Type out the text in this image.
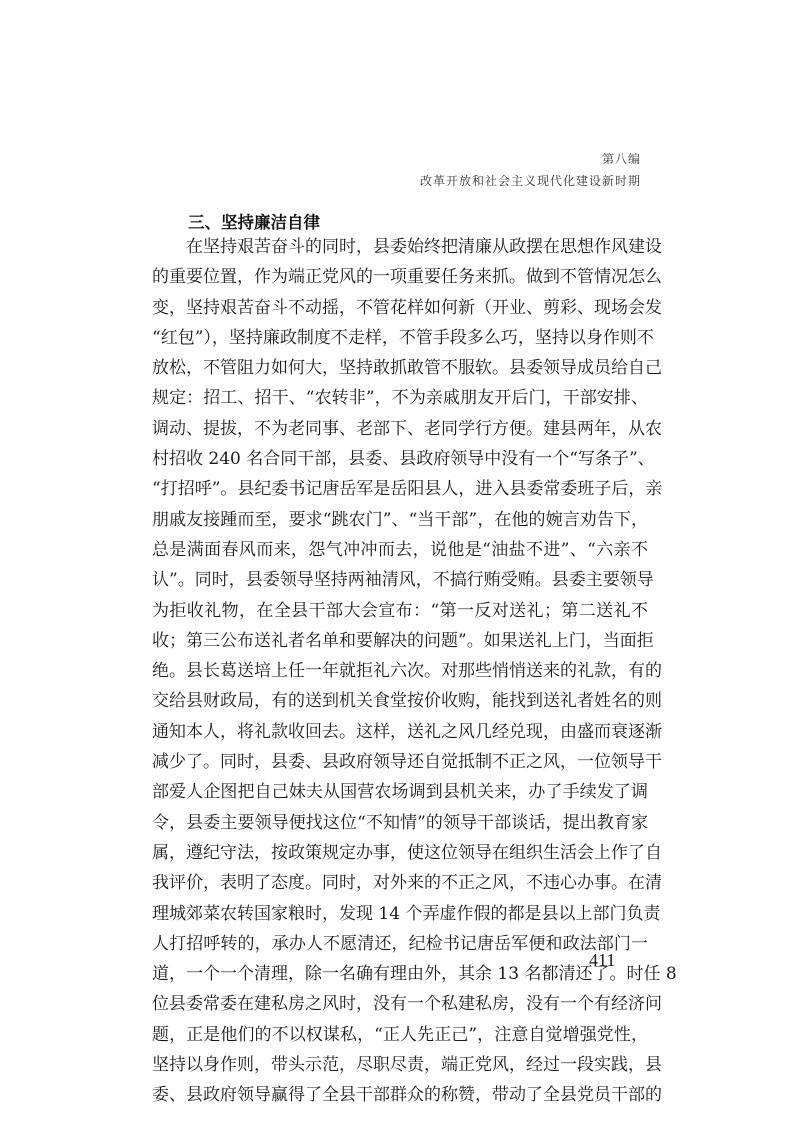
第八编
改革开放和社会主义现代化建设新时期
三、坚持廉洁自律
在坚持艰苦奋斗的同时，县委始终把清廉从政摆在思想作风建设
的重要位置，作为端正党风的一项重要任务来抓。做到不管情况怎么
变，坚持艰苦奋斗不动摇，不管花样如何新（开业、剪彩、现场会发
“红包”），坚持廉政制度不走样，不管手段多么巧，坚持以身作则不
放松，不管阻力如何大，坚持敢抓敢管不服软。县委领导成员给自己
规定：招工、招干、“农转非”，不为亲戚朋友开后门，干部安排、
调动、提拔，不为老同事、老部下、老同学行方便。建县两年，从农
村招收 240 名合同干部，县委、县政府领导中没有一个“写条子”、
“打招呼”。县纪委书记唐岳军是岳阳县人，进入县委常委班子后，亲
朋戚友接踵而至，要求“跳农门”、“当干部”，在他的婉言劝告下，
总是满面春风而来，怨气冲冲而去，说他是“油盐不进”、“六亲不
认”。同时，县委领导坚持两袖清风，不搞行贿受贿。县委主要领导
为拒收礼物，在全县干部大会宣布：“第一反对送礼；第二送礼不
收；第三公布送礼者名单和要解决的问题”。如果送礼上门，当面拒
绝。县长葛送培上任一年就拒礼六次。对那些悄悄送来的礼款，有的
交给县财政局，有的送到机关食堂按价收购，能找到送礼者姓名的则
通知本人，将礼款收回去。这样，送礼之风几经兑现，由盛而衰逐渐
减少了。同时，县委、县政府领导还自觉抵制不正之风，一位领导干
部爱人企图把自己妹夫从国营农场调到县机关来，办了手续发了调
令，县委主要领导便找这位“不知情”的领导干部谈话，提出教育家
属，遵纪守法，按政策规定办事，使这位领导在组织生活会上作了自
我评价，表明了态度。同时，对外来的不正之风，不违心办事。在清
理城郊菜农转国家粮时，发现 14 个弄虚作假的都是县以上部门负责
人打招呼转的，承办人不愿清还，纪检书记唐岳军便和政法部门一
道，一个一个清理，除一名确有理由外，其余 13 名都清还了。时任 8
位县委常委在建私房之风时，没有一个私建私房，没有一个有经济问
题，正是他们的不以权谋私，“正人先正己”，注意自觉增强党性，
坚持以身作则，带头示范，尽职尽责，端正党风，经过一段实践，县
委、县政府领导赢得了全县干部群众的称赞，带动了全县党员干部的
411
